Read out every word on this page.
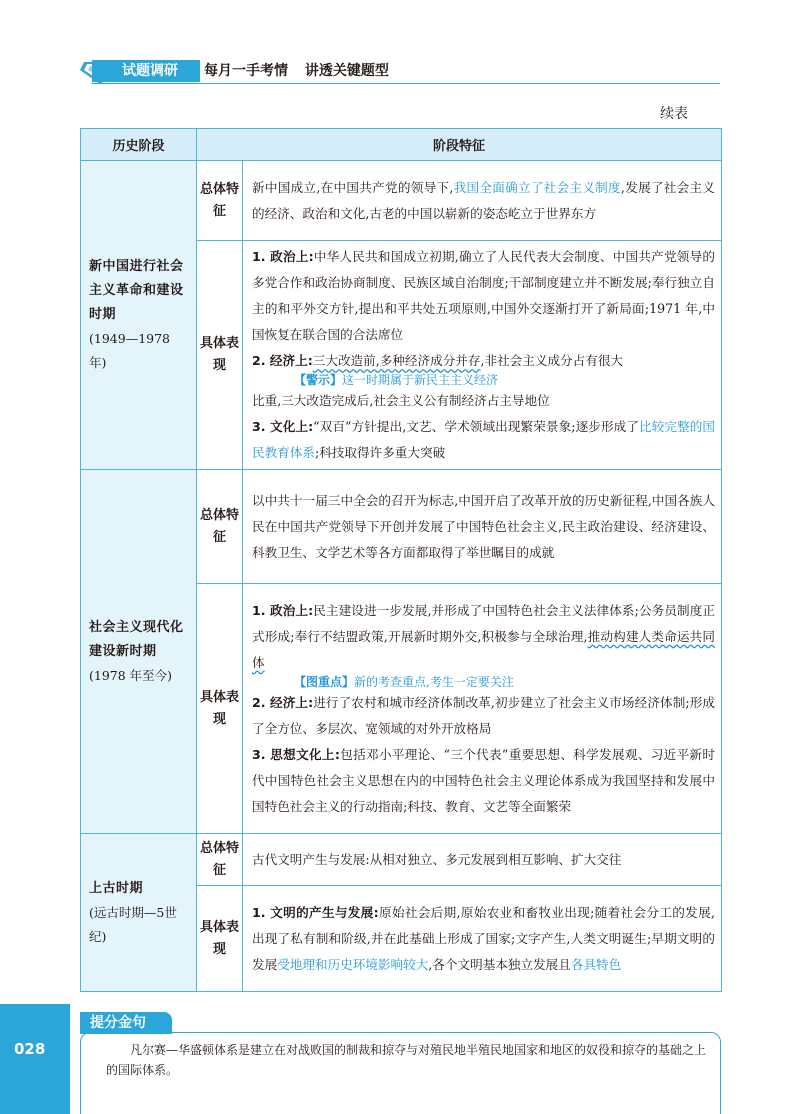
试题调研	每月一手考情 讲透关键题型
续表
历史阶段	阶段特征	

新中国进行社会主义革命和建设时期
(1949—1978 年)	总体特征	新中国成立,在中国共产党的领导下,我国全面确立了社会主义制度,发展了社会主义的经济、政治和文化,古老的中国以崭新的姿态屹立于世界东方
	具体表现	1. 政治上:中华人民共和国成立初期,确立了人民代表大会制度、中国共产党领导的多党合作和政治协商制度、民族区域自治制度;干部制度建立并不断发展;奉行独立自主的和平外交方针,提出和平共处五项原则,中国外交逐渐打开了新局面;1971 年,中国恢复在联合国的合法席位
2. 经济上:三大改造前,多种经济成分并存,非社会主义成分占有很大
【警示】这一时期属于新民主主义经济
比重,三大改造完成后,社会主义公有制经济占主导地位
3. 文化上:“双百”方针提出,文艺、学术领域出现繁荣景象;逐步形成了比较完整的国民教育体系;科技取得许多重大突破

社会主义现代化建设新时期
(1978 年至今)	总体特征	以中共十一届三中全会的召开为标志,中国开启了改革开放的历史新征程,中国各族人民在中国共产党领导下开创并发展了中国特色社会主义,民主政治建设、经济建设、科教卫生、文学艺术等各方面都取得了举世瞩目的成就
	具体表现	1. 政治上:民主建设进一步发展,并形成了中国特色社会主义法律体系;公务员制度正式形成;奉行不结盟政策,开展新时期外交,积极参与全球治理,推动构建人类命运共同体
【图重点】新的考查重点,考生一定要关注
2. 经济上:进行了农村和城市经济体制改革,初步建立了社会主义市场经济体制;形成了全方位、多层次、宽领域的对外开放格局
3. 思想文化上:包括邓小平理论、“三个代表”重要思想、科学发展观、习近平新时代中国特色社会主义思想在内的中国特色社会主义理论体系成为我国坚持和发展中国特色社会主义的行动指南;科技、教育、文艺等全面繁荣

上古时期
(远古时期—5世纪)	总体特征	古代文明产生与发展:从相对独立、多元发展到相互影响、扩大交往
	具体表现	1. 文明的产生与发展:原始社会后期,原始农业和畜牧业出现;随着社会分工的发展,出现了私有制和阶级,并在此基础上形成了国家;文字产生,人类文明诞生;早期文明的发展受地理和历史环境影响较大,各个文明基本独立发展且各具特色
028
提分金句
凡尔赛—华盛顿体系是建立在对战败国的制裁和掠夺与对殖民地半殖民地国家和地区的奴役和掠夺的基础之上的国际体系。
